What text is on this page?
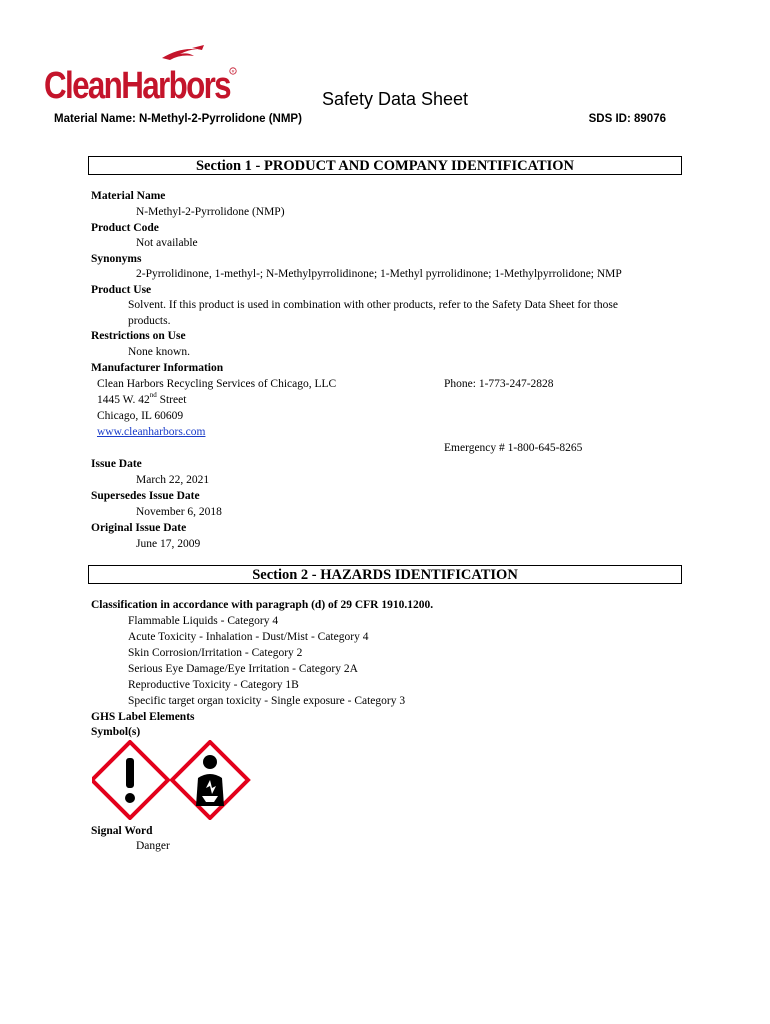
CleanHarbors R
Safety Data Sheet
Material Name: N-Methyl-2-Pyrrolidone (NMP)	SDS ID: 89076
Section 1 - PRODUCT AND COMPANY IDENTIFICATION
Material Name
N-Methyl-2-Pyrrolidone (NMP)
Product Code
Not available
Synonyms
2-Pyrrolidinone, 1-methyl-; N-Methylpyrrolidinone; 1-Methyl pyrrolidinone; 1-Methylpyrrolidone; NMP
Product Use
Solvent. If this product is used in combination with other products, refer to the Safety Data Sheet for those
products.
Restrictions on Use
None known.
Manufacturer Information
Clean Harbors Recycling Services of Chicago, LLC	Phone: 1-773-247-2828
1445 W. 42nd Street
Chicago, IL 60609
www.cleanharbors.com
Emergency # 1-800-645-8265
Issue Date
March 22, 2021
Supersedes Issue Date
November 6, 2018
Original Issue Date
June 17, 2009
Section 2 - HAZARDS IDENTIFICATION
Classification in accordance with paragraph (d) of 29 CFR 1910.1200.
Flammable Liquids - Category 4
Acute Toxicity - Inhalation - Dust/Mist - Category 4
Skin Corrosion/Irritation - Category 2
Serious Eye Damage/Eye Irritation - Category 2A
Reproductive Toxicity - Category 1B
Specific target organ toxicity - Single exposure - Category 3
GHS Label Elements
Symbol(s)
Signal Word
Danger
